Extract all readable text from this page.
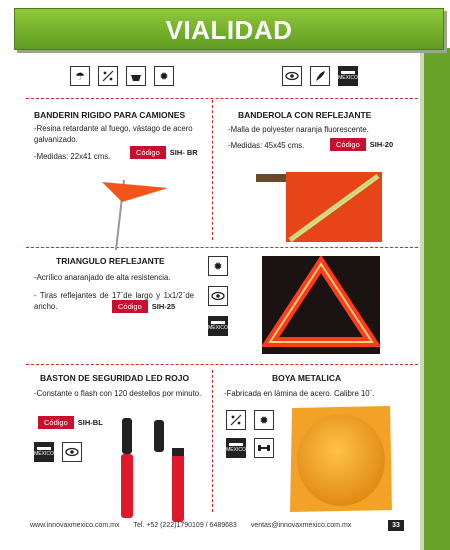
VIALIDAD
☂	✹	MÉXICO
BANDERIN RIGIDO PARA CAMIONES
-Resina retardante al fuego, vástago de acero galvanizado.
-Medidas: 22x41 cms.	Código	SIH- BR
BANDEROLA CON REFLEJANTE
-Malla de polyester naranja fluorescente.
-Medidas: 45x45 cms.	Código	SIH-20
TRIANGULO REFLEJANTE
-Acrílico anaranjado de alta resistencia.
- Tiras reflejantes de 17¨de largo y 1x1/2¨de ancho.	Código	SIH-25
✹
MÉXICO
BASTON DE SEGURIDAD LED ROJO
-Constante o flash con 120 destellos por minuto.
Código	SIH-BL
MÉXICO
BOYA METALICA
-Fabricada en lámina de acero. Calibre 10¨.
✹
MÉXICO
www.innovaxmexico.com.mx Tel. +52 (222)1790109 / 6489683 ventas@innovaxmexico.com.mx	33
